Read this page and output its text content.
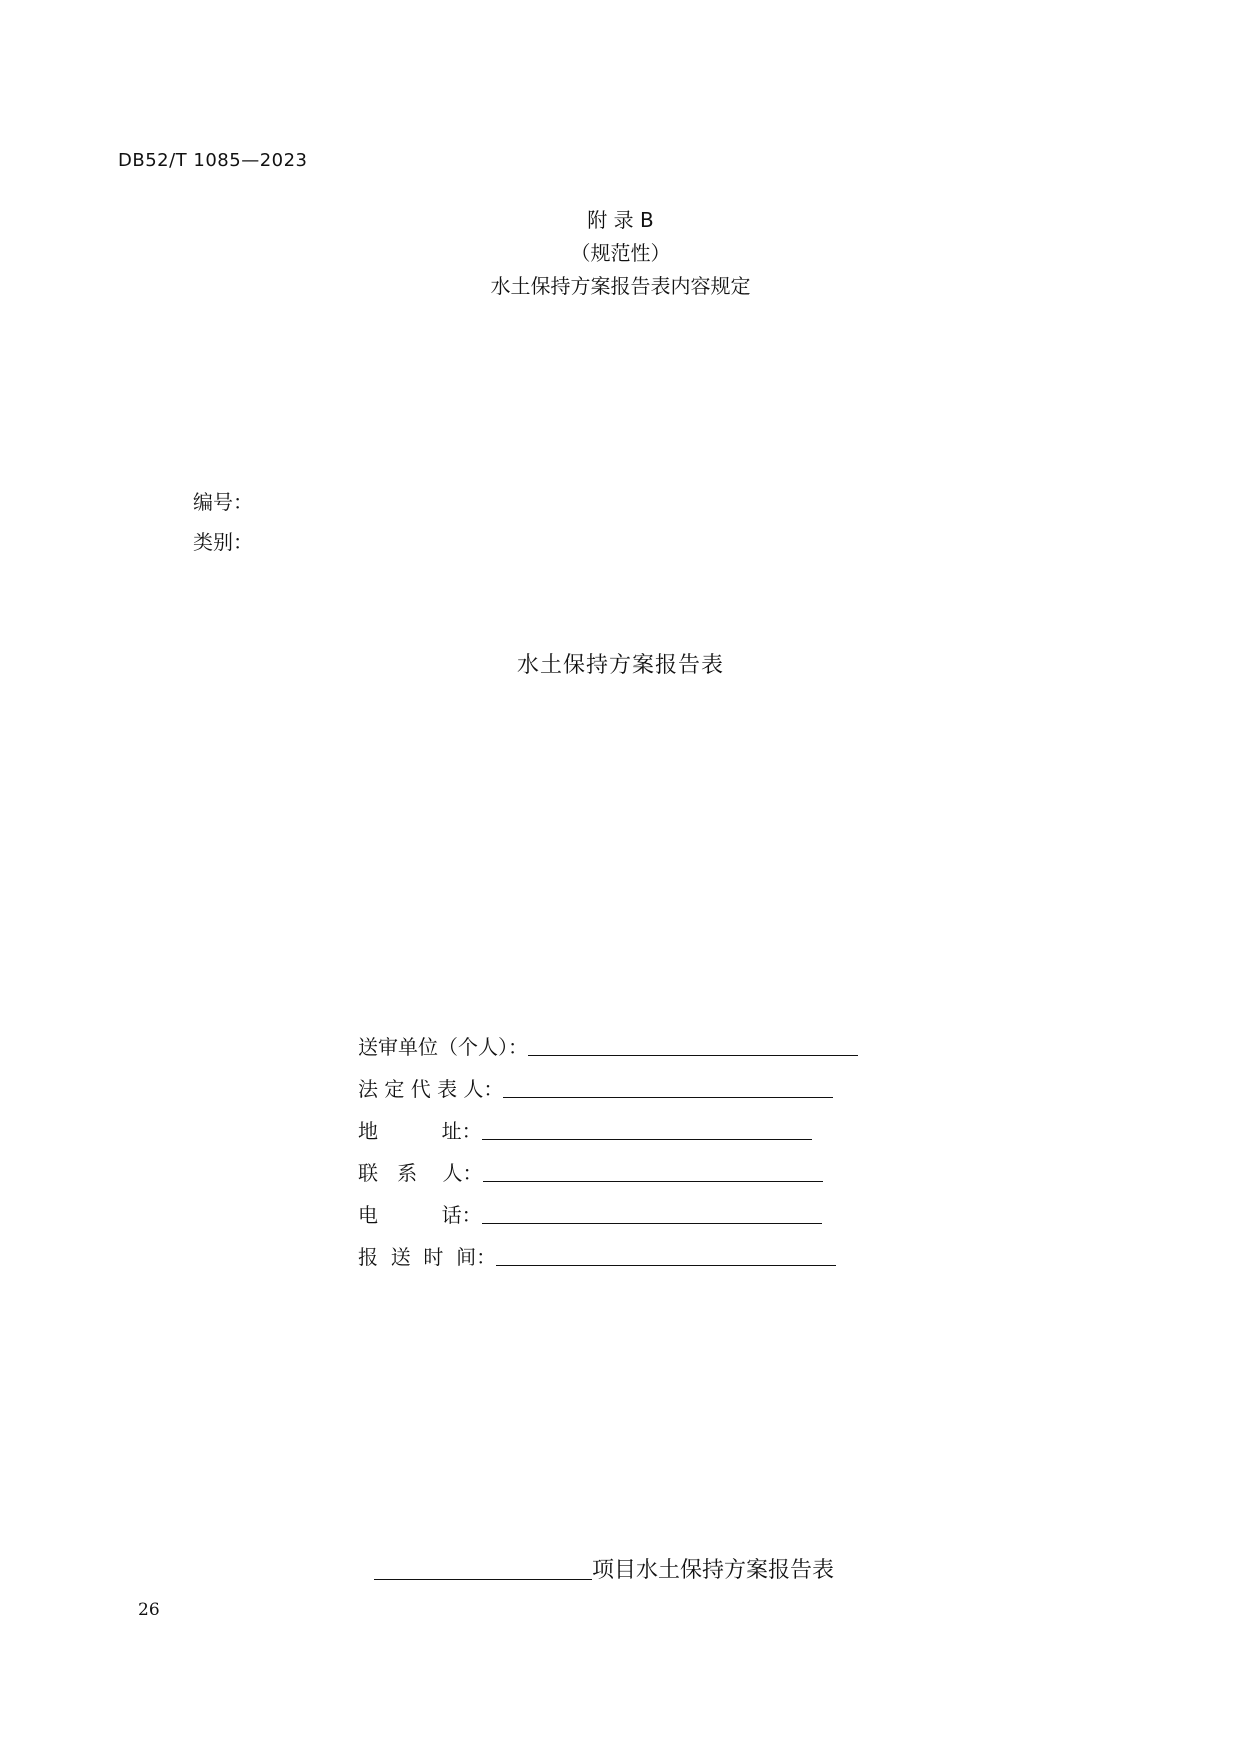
DB52/T 1085—2023
附 录 B
（规范性）
水土保持方案报告表内容规定
编号：
类别：
水土保持方案报告表
送审单位（个人）：
法 定 代 表 人：
地          址：
联   系    人：
电          话：
报  送  时  间：
项目水土保持方案报告表
26
